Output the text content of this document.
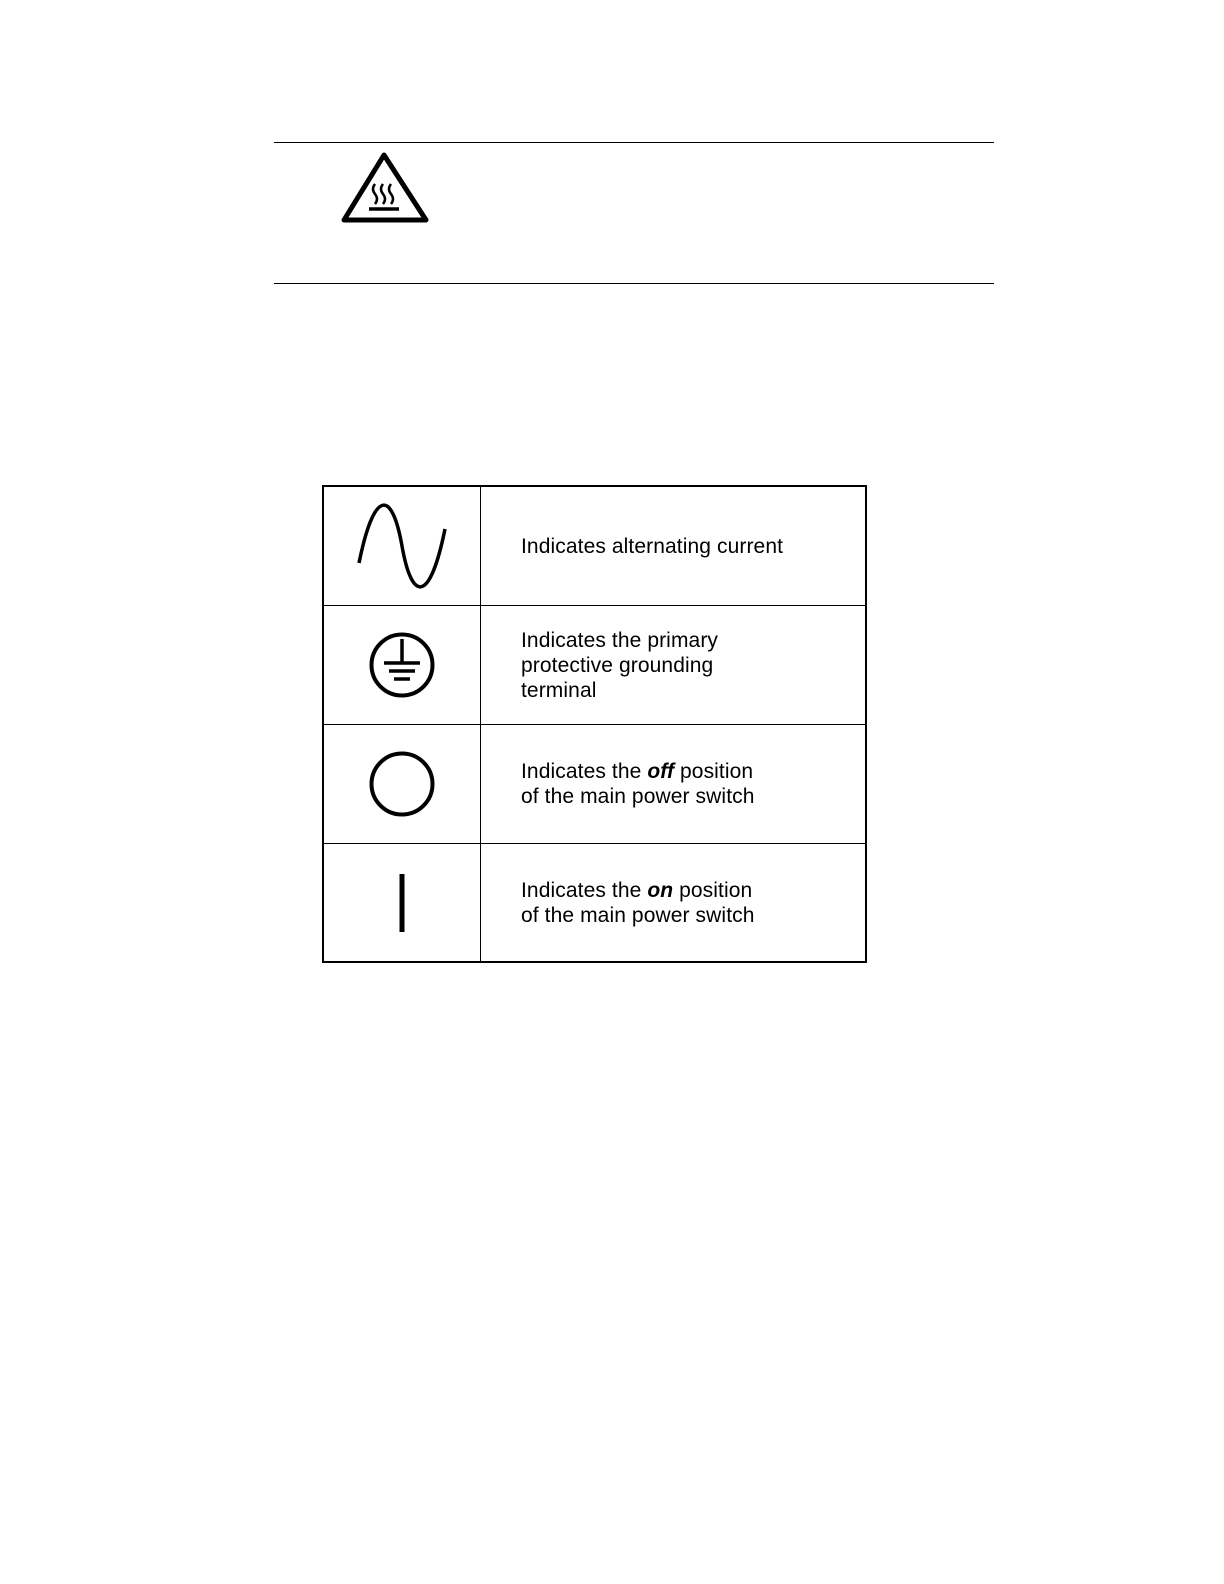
Indicates alternating current
Indicates the primary
protective grounding
terminal
Indicates the off position
of the main power switch
Indicates the on position
of the main power switch
